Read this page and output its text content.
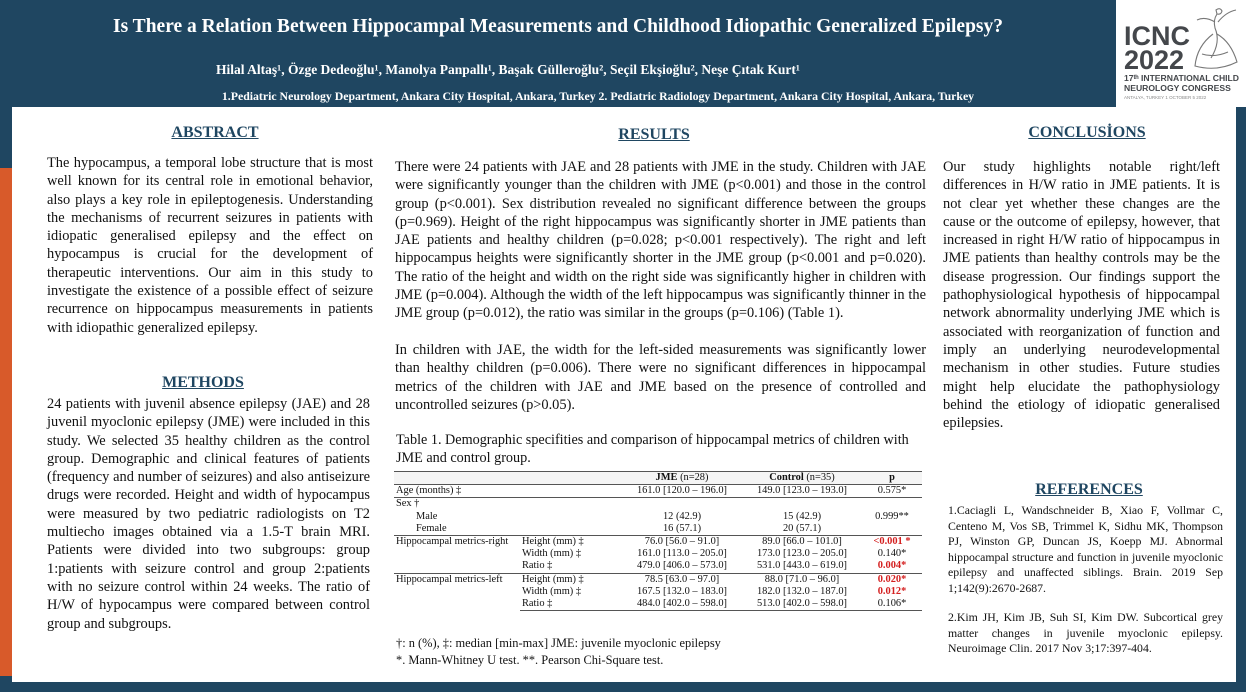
ICNC
2022
17ᵗʰ INTERNATIONAL CHILD
NEUROLOGY CONGRESS
ANTALYA, TURKEY 1 OCTOBER 5 2022
Is There a Relation Between Hippocampal Measurements and Childhood Idiopathic Generalized Epilepsy?
Hilal Altaş¹, Özge Dedeoğlu¹, Manolya Panpallı¹, Başak Gülleroğlu², Seçil Ekşioğlu², Neşe Çıtak Kurt¹
1.Pediatric Neurology Department, Ankara City Hospital, Ankara, Turkey 2. Pediatric Radiology Department, Ankara City Hospital, Ankara, Turkey
ABSTRACT

The hypocampus, a temporal lobe structure that is most well known for its central role in emotional behavior, also plays a key role in epileptogenesis. Understanding the mechanisms of recurrent seizures in patients with idiopatic generalised epilepsy and the effect on hypocampus is crucial for the development of therapeutic interventions. Our aim in this study to investigate the existence of a possible effect of seizure recurrence on hippocampus measurements in patients with idiopathic generalized epilepsy.

METHODS

24 patients with juvenil absence epilepsy (JAE) and 28 juvenil myoclonic epilepsy (JME) were included in this study. We selected 35 healthy children as the control group. Demographic and clinical features of patients (frequency and number of seizures) and also antiseizure drugs were recorded. Height and width of hypocampus were measured by two pediatric radiologists on T2 multiecho images obtained via a 1.5-T brain MRI. Patients were divided into two subgroups: group 1:patients with seizure control and group 2:patients with no seizure control within 24 weeks. The ratio of H/W of hypocampus were compared between control group and subgroups.

RESULTS

There were 24 patients with JAE and 28 patients with JME in the study. Children with JAE were significantly younger than the children with JME (p<0.001) and those in the control group (p<0.001). Sex distribution revealed no significant difference between the groups (p=0.969). Height of the right hippocampus was significantly shorter in JME patients than JAE patients and healthy children (p=0.028; p<0.001 respectively). The right and left hippocampus heights were significantly shorter in the JME group (p<0.001 and p=0.020). The ratio of the height and width on the right side was significantly higher in children with JME (p=0.004). Although the width of the left hippocampus was significantly thinner in the JME group (p=0.012), the ratio was similar in the groups (p=0.106) (Table 1).

In children with JAE, the width for the left-sided measurements was significantly lower than healthy children (p=0.006). There were no significant differences in hippocampal metrics of the children with JAE and JME based on the presence of controlled and uncontrolled seizures (p>0.05).

Table 1. Demographic specifities and comparison of hippocampal metrics of children with JME and control group.
		JME (n=28)	Control (n=35)	p
Age (months) ‡		161.0 [120.0 – 196.0]	149.0 [123.0 – 193.0]	0.575*
Sex †				
Male		12 (42.9)	15 (42.9)	0.999**
Female		16 (57.1)	20 (57.1)	
Hippocampal metrics-right	Height (mm) ‡	76.0 [56.0 – 91.0]	89.0 [66.0 – 101.0]	<0.001 *
	Width (mm) ‡	161.0 [113.0 – 205.0]	173.0 [123.0 – 205.0]	0.140*
	Ratio ‡	479.0 [406.0 – 573.0]	531.0 [443.0 – 619.0]	0.004*
Hippocampal metrics-left	Height (mm) ‡	78.5 [63.0 – 97.0]	88.0 [71.0 – 96.0]	0.020*
	Width (mm) ‡	167.5 [132.0 – 183.0]	182.0 [132.0 – 187.0]	0.012*
	Ratio ‡	484.0 [402.0 – 598.0]	513.0 [402.0 – 598.0]	0.106*
†: n (%), ‡: median [min-max] JME: juvenile myoclonic epilepsy
*. Mann-Whitney U test. **. Pearson Chi-Square test.
CONCLUSİONS

Our study highlights notable right/left differences in H/W ratio in JME patients. It is not clear yet whether these changes are the cause or the outcome of epilepsy, however, that increased in right H/W ratio of hippocampus in JME patients than healthy controls may be the disease progression. Our findings support the pathophysiological hypothesis of hippocampal network abnormality underlying JME which is associated with reorganization of function and imply an underlying neurodevelopmental mechanism in other studies. Future studies might help elucidate the pathophysiology behind the etiology of idiopatic generalised epilepsies.

REFERENCES

1.Caciagli L, Wandschneider B, Xiao F, Vollmar C, Centeno M, Vos SB, Trimmel K, Sidhu MK, Thompson PJ, Winston GP, Duncan JS, Koepp MJ. Abnormal hippocampal structure and function in juvenile myoclonic epilepsy and unaffected siblings. Brain. 2019 Sep 1;142(9):2670-2687.

2.Kim JH, Kim JB, Suh SI, Kim DW. Subcortical grey matter changes in juvenile myoclonic epilepsy. Neuroimage Clin. 2017 Nov 3;17:397-404.
